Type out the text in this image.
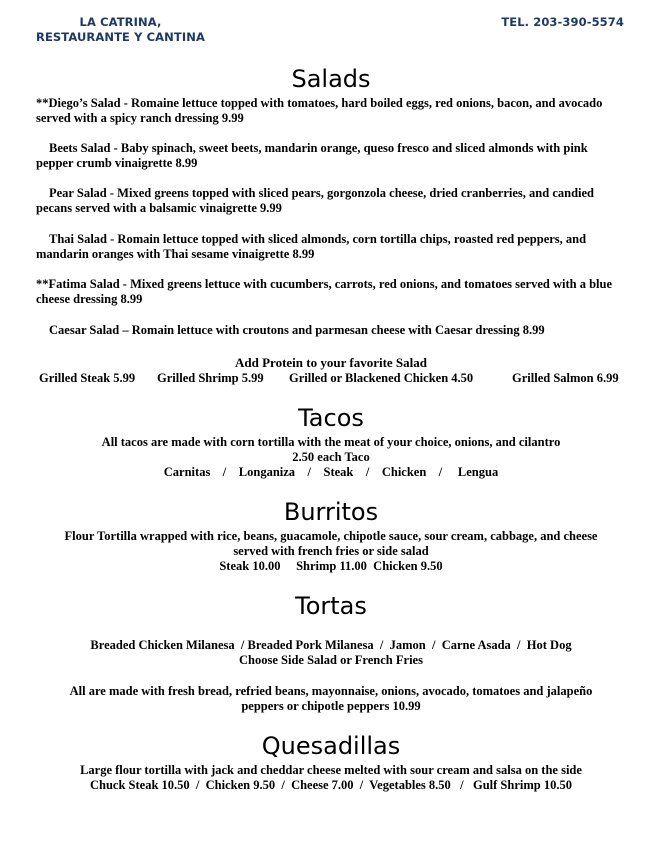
LA CATRINA,
RESTAURANTE Y CANTINA
TEL. 203-390-5574
Salads
**Diego’s Salad - Romaine lettuce topped with tomatoes, hard boiled eggs, red onions, bacon, and avocado served with a spicy ranch dressing 9.99
Beets Salad - Baby spinach, sweet beets, mandarin orange, queso fresco and sliced almonds with pink pepper crumb vinaigrette 8.99
Pear Salad - Mixed greens topped with sliced pears, gorgonzola cheese, dried cranberries, and candied pecans served with a balsamic vinaigrette 9.99
Thai Salad - Romain lettuce topped with sliced almonds, corn tortilla chips, roasted red peppers, and mandarin oranges with Thai sesame vinaigrette 8.99
**Fatima Salad - Mixed greens lettuce with cucumbers, carrots, red onions, and tomatoes served with a blue cheese dressing 8.99
Caesar Salad – Romain lettuce with croutons and parmesan cheese with Caesar dressing 8.99
Add Protein to your favorite Salad
Grilled Steak 5.99 Grilled Shrimp 5.99 Grilled or Blackened Chicken 4.50	Grilled Salmon 6.99
Tacos
All tacos are made with corn tortilla with the meat of your choice, onions, and cilantro
2.50 each Taco
Carnitas    /    Longaniza    /    Steak    /    Chicken    /     Lengua
Burritos
Flour Tortilla wrapped with rice, beans, guacamole, chipotle sauce, sour cream, cabbage, and cheese
served with french fries or side salad
Steak 10.00     Shrimp 11.00  Chicken 9.50
Tortas
Breaded Chicken Milanesa  / Breaded Pork Milanesa  /  Jamon  /  Carne Asada  /  Hot Dog
Choose Side Salad or French Fries
All are made with fresh bread, refried beans, mayonnaise, onions, avocado, tomatoes and jalapeño
peppers or chipotle peppers 10.99
Quesadillas
Large flour tortilla with jack and cheddar cheese melted with sour cream and salsa on the side
Chuck Steak 10.50  /  Chicken 9.50  /  Cheese 7.00  /  Vegetables 8.50   /   Gulf Shrimp 10.50
